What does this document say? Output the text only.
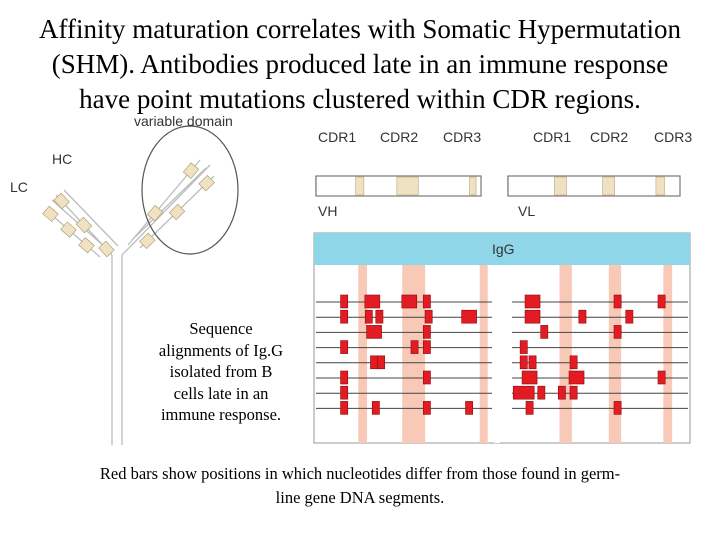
Affinity maturation correlates with Somatic Hypermutation
(SHM). Antibodies produced late in an immune response
have point mutations clustered within CDR regions.
variable domain
HC
LC
CDR1 CDR2 CDR3
VH
CDR1 CDR2 CDR3
VL
IgG
Sequence
alignments of Ig.G
isolated from B
cells late in an
immune response.
Red bars show positions in which nucleotides differ from those found in germ-
line gene DNA segments.
